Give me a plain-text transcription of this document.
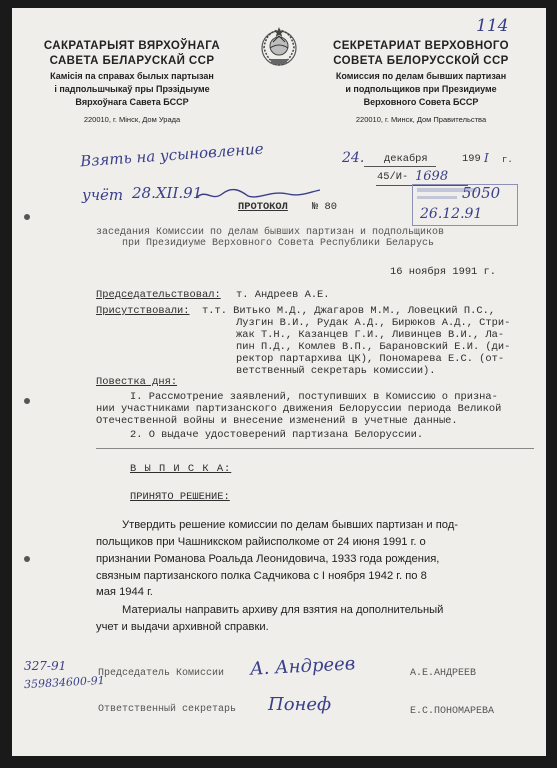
114
САКРАТАРЫЯТ ВЯРХОЎНАГА
САВЕТА БЕЛАРУСКАЙ ССР
Камісія па справах былых партызан
і падпольшчыкаў пры Прэзідыуме
Вярхоўнага Савета БССР
220010, г. Мінск, Дом Урада
СЕКРЕТАРИАТ ВЕРХОВНОГО
СОВЕТА БЕЛОРУССКОЙ ССР
Комиссия по делам бывших партизан
и подпольщиков при Президиуме
Верховного Совета БССР
220010, г. Минск, Дом Правительства
Взять на усыновление
учёт 28.XII.91
24. декабря	199 I г.
45/И- 1698
5050
26.12.91
ПРОТОКОЛ № 80
заседания Комиссии по делам бывших партизан и подпольщиков
при Президиуме Верховного Совета Республики Беларусь
16 ноября 1991 г.
Председательствовал: т. Андреев А.Е.
Присутствовали: т.т. Витько М.Д., Джагаров М.М., Ловецкий П.С.,
Лузгин В.И., Рудак А.Д., Бирюков А.Д., Стри-
жак Т.Н., Казанцев Г.И., Ливинцев В.И., Ла-
пин П.Д., Комлев В.П., Барановский Е.И. (ди-
ректор партархива ЦК), Пономарева Е.С. (от-
ветственный секретарь комиссии).
Повестка дня:
I. Рассмотрение заявлений, поступивших в Комиссию о призна-
нии участниками партизанского движения Белоруссии периода Великой
Отечественной войны и внесение изменений в учетные данные.
2. О выдаче удостоверений партизана Белоруссии.
В Ы П И С К А:
ПРИНЯТО РЕШЕНИЕ:
Утвердить решение комиссии по делам бывших партизан и под-
польщиков при Чашникском райисполкоме от 24 июня 1991 г. о
признании Романова Роальда Леонидовича, 1933 года рождения,
связным партизанского полка Садчикова с I ноября 1942 г. по 8
мая 1944 г.
Материалы направить архиву для взятия на дополнительный
учет и выдачи архивной справки.
327-91
359834600-91
Председатель Комиссии А. Андреев	А.Е.АНДРЕЕВ
Ответственный секретарь Понеф	Е.С.ПОНОМАРЕВА
